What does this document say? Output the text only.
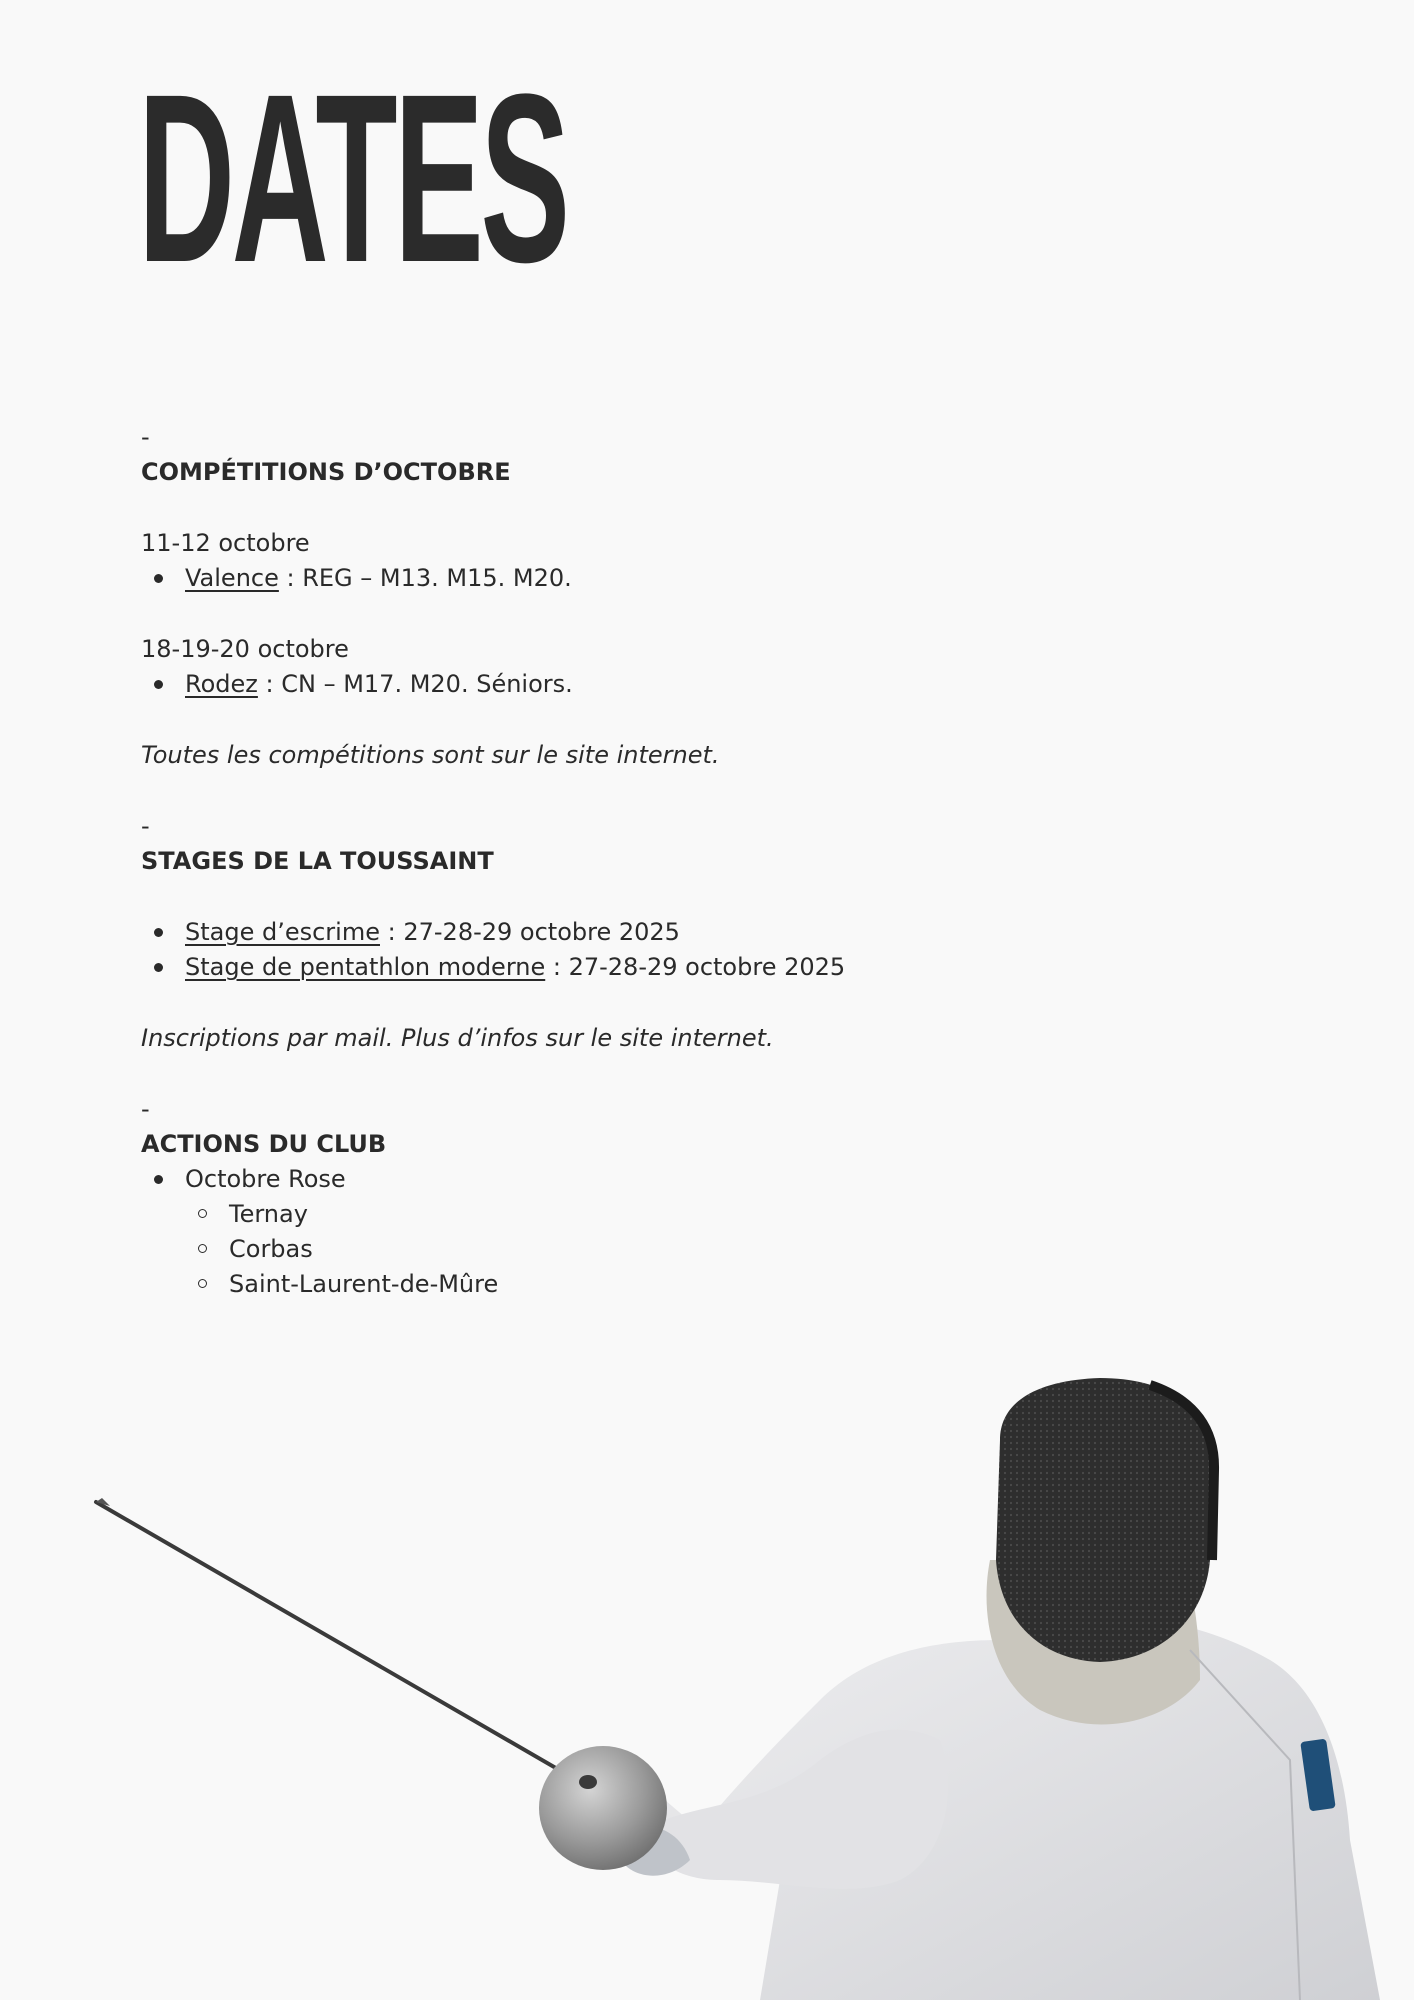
DATES
-
COMPÉTITIONS D’OCTOBRE
11-12 octobre
Valence : REG – M13. M15. M20.
18-19-20 octobre
Rodez : CN – M17. M20. Séniors.
Toutes les compétitions sont sur le site internet.
-
STAGES DE LA TOUSSAINT
Stage d’escrime : 27-28-29 octobre 2025
Stage de pentathlon moderne : 27-28-29 octobre 2025
Inscriptions par mail. Plus d’infos sur le site internet.
-
ACTIONS DU CLUB
Octobre Rose
Ternay
Corbas
Saint-Laurent-de-Mûre
